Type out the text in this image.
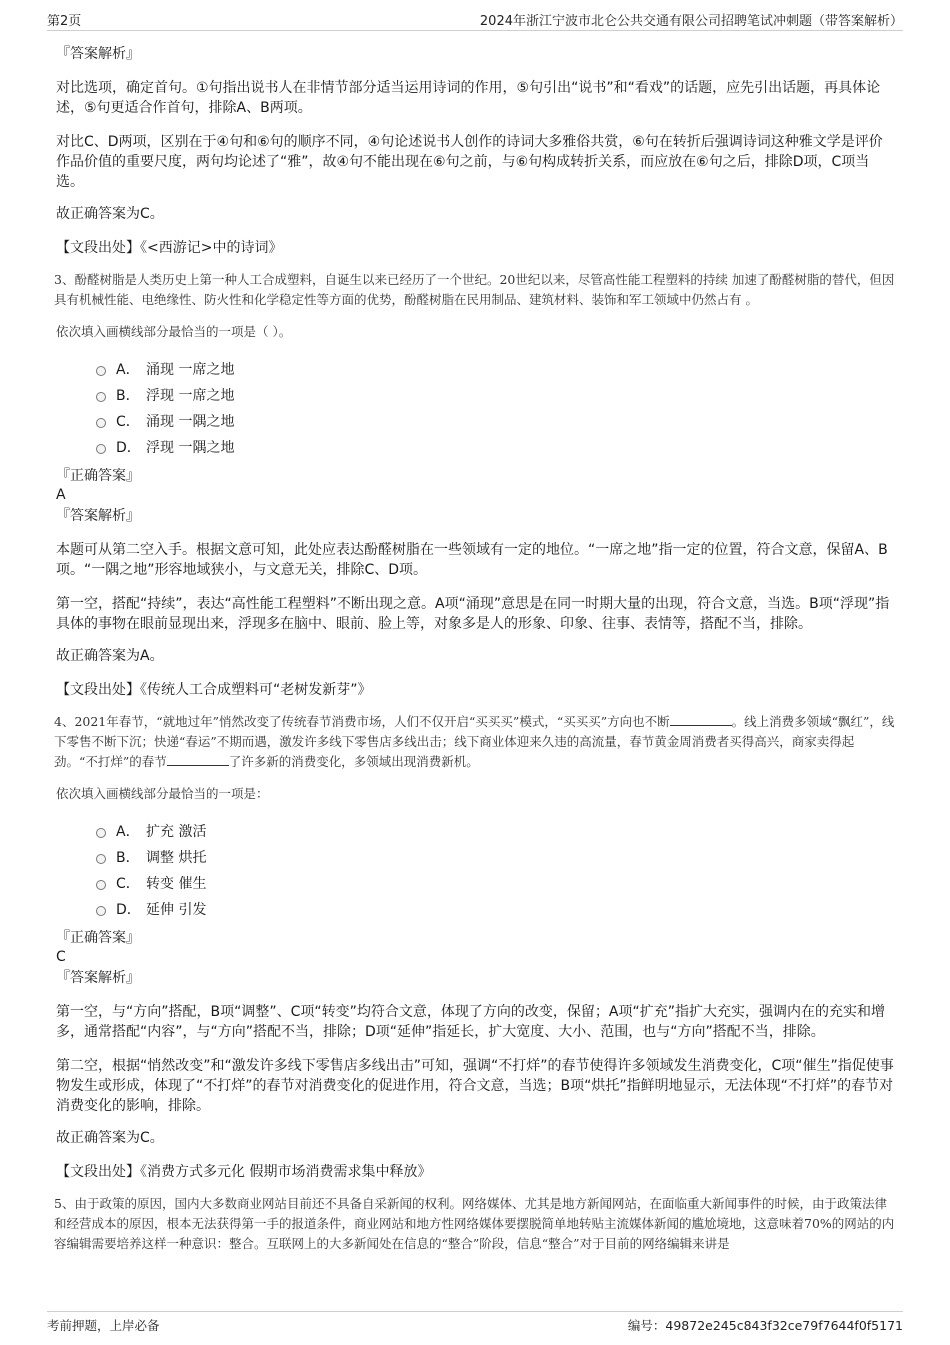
第2页	2024年浙江宁波市北仑公共交通有限公司招聘笔试冲刺题（带答案解析）
『答案解析』
对比选项，确定首句。①句指出说书人在非情节部分适当运用诗词的作用，⑤句引出“说书”和“看戏”的话题，应先引出话题，再具体论述，⑤句更适合作首句，排除A、B两项。
对比C、D两项，区别在于④句和⑥句的顺序不同，④句论述说书人创作的诗词大多雅俗共赏，⑥句在转折后强调诗词这种雅文学是评价作品价值的重要尺度，两句均论述了“雅”，故④句不能出现在⑥句之前，与⑥句构成转折关系，而应放在⑥句之后，排除D项，C项当选。
故正确答案为C。
【文段出处】《<西游记>中的诗词》
3、酚醛树脂是人类历史上第一种人工合成塑料，自诞生以来已经历了一个世纪。20世纪以来，尽管高性能工程塑料的持续 加速了酚醛树脂的替代，但因具有机械性能、电绝缘性、防火性和化学稳定性等方面的优势，酚醛树脂在民用制品、建筑材料、装饰和军工领域中仍然占有 。
依次填入画横线部分最恰当的一项是（ ）。
A． 涌现 一席之地
B． 浮现 一席之地
C． 涌现 一隅之地
D． 浮现 一隅之地
『正确答案』
A
『答案解析』
本题可从第二空入手。根据文意可知，此处应表达酚醛树脂在一些领域有一定的地位。“一席之地”指一定的位置，符合文意，保留A、B项。“一隅之地”形容地域狭小，与文意无关，排除C、D项。
第一空，搭配“持续”，表达“高性能工程塑料”不断出现之意。A项“涌现”意思是在同一时期大量的出现，符合文意，当选。B项“浮现”指具体的事物在眼前显现出来，浮现多在脑中、眼前、脸上等，对象多是人的形象、印象、往事、表情等，搭配不当，排除。
故正确答案为A。
【文段出处】《传统人工合成塑料可“老树发新芽”》
4、2021年春节，“就地过年”悄然改变了传统春节消费市场，人们不仅开启“买买买”模式，“买买买”方向也不断	。线上消费多领域“飘红”，线下零售不断下沉；快递“春运”不期而遇，激发许多线下零售店多线出击；线下商业体迎来久违的高流量，春节黄金周消费者买得高兴，商家卖得起劲。“不打烊”的春节	了许多新的消费变化，多领域出现消费新机。
依次填入画横线部分最恰当的一项是：
A． 扩充 激活
B． 调整 烘托
C． 转变 催生
D． 延伸 引发
『正确答案』
C
『答案解析』
第一空，与“方向”搭配，B项“调整”、C项“转变”均符合文意，体现了方向的改变，保留；A项“扩充”指扩大充实，强调内在的充实和增多，通常搭配“内容”，与“方向”搭配不当，排除；D项“延伸”指延长，扩大宽度、大小、范围，也与“方向”搭配不当，排除。
第二空，根据“悄然改变”和“激发许多线下零售店多线出击”可知，强调“不打烊”的春节使得许多领域发生消费变化，C项“催生”指促使事物发生或形成，体现了“不打烊”的春节对消费变化的促进作用，符合文意，当选；B项“烘托”指鲜明地显示，无法体现“不打烊”的春节对消费变化的影响，排除。
故正确答案为C。
【文段出处】《消费方式多元化 假期市场消费需求集中释放》
5、由于政策的原因，国内大多数商业网站目前还不具备自采新闻的权利。网络媒体、尤其是地方新闻网站，在面临重大新闻事件的时候，由于政策法律和经营成本的原因，根本无法获得第一手的报道条件，商业网站和地方性网络媒体要摆脱简单地转贴主流媒体新闻的尴尬境地，这意味着70%的网站的内容编辑需要培养这样一种意识：整合。互联网上的大多新闻处在信息的“整合”阶段，信息“整合”对于目前的网络编辑来讲是
考前押题，上岸必备	编号：49872e245c843f32ce79f7644f0f5171
